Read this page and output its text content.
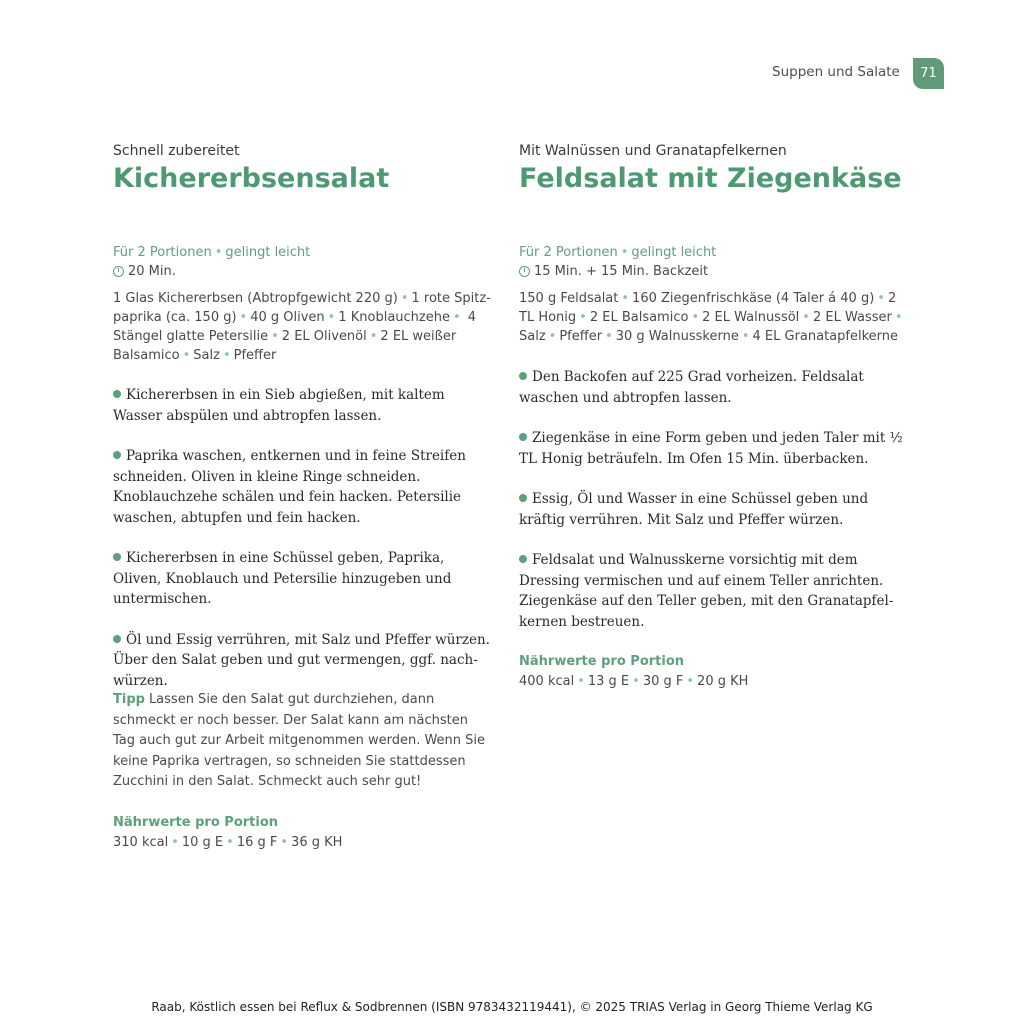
Suppen und Salate	71

Schnell zubereitet

Kichererbsensalat
Für 2 Portionen • gelingt leicht
20 Min.

1 Glas Kichererbsen (Abtropfgewicht 220 g) • 1 rote Spitzpaprika (ca. 150 g) • 40 g Oliven • 1 Knoblauchzehe • 4 Stängel glatte Petersilie • 2 EL Olivenöl • 2 EL weißer Balsamico • Salz • Pfeffer

Kichererbsen in ein Sieb abgießen, mit kaltem Wasser abspülen und abtropfen lassen.
Paprika waschen, entkernen und in feine Streifen schneiden. Oliven in kleine Ringe schneiden. Knoblauchzehe schälen und fein hacken. Petersilie waschen, abtupfen und fein hacken.
Kichererbsen in eine Schüssel geben, Paprika, Oliven, Knoblauch und Petersilie hinzugeben und untermischen.
Öl und Essig verrühren, mit Salz und Pfeffer würzen. Über den Salat geben und gut vermengen, ggf. nachwürzen.

Tipp Lassen Sie den Salat gut durchziehen, dann schmeckt er noch besser. Der Salat kann am nächsten Tag auch gut zur Arbeit mitgenommen werden. Wenn Sie keine Paprika vertragen, so schneiden Sie stattdessen Zucchini in den Salat. Schmeckt auch sehr gut!

Nährwerte pro Portion

310 kcal • 10 g E • 16 g F • 36 g KH

Mit Walnüssen und Granatapfelkernen

Feldsalat mit Ziegenkäse
Für 2 Portionen • gelingt leicht
15 Min. + 15 Min. Backzeit

150 g Feldsalat • 160 Ziegenfrischkäse (4 Taler á 40 g) • 2 TL Honig • 2 EL Balsamico • 2 EL Walnussöl • 2 EL Wasser • Salz • Pfeffer • 30 g Walnusskerne • 4 EL Granatapfelkerne

Den Backofen auf 225 Grad vorheizen. Feldsalat waschen und abtropfen lassen.
Ziegenkäse in eine Form geben und jeden Taler mit ½ TL Honig beträufeln. Im Ofen 15 Min. überbacken.
Essig, Öl und Wasser in eine Schüssel geben und kräftig verrühren. Mit Salz und Pfeffer würzen.
Feldsalat und Walnusskerne vorsichtig mit dem Dressing vermischen und auf einem Teller anrichten. Ziegenkäse auf den Teller geben, mit den Granatapfelkernen bestreuen.

Nährwerte pro Portion

400 kcal • 13 g E • 30 g F • 20 g KH

Raab, Köstlich essen bei Reflux & Sodbrennen (ISBN 9783432119441), © 2025 TRIAS Verlag in Georg Thieme Verlag KG
